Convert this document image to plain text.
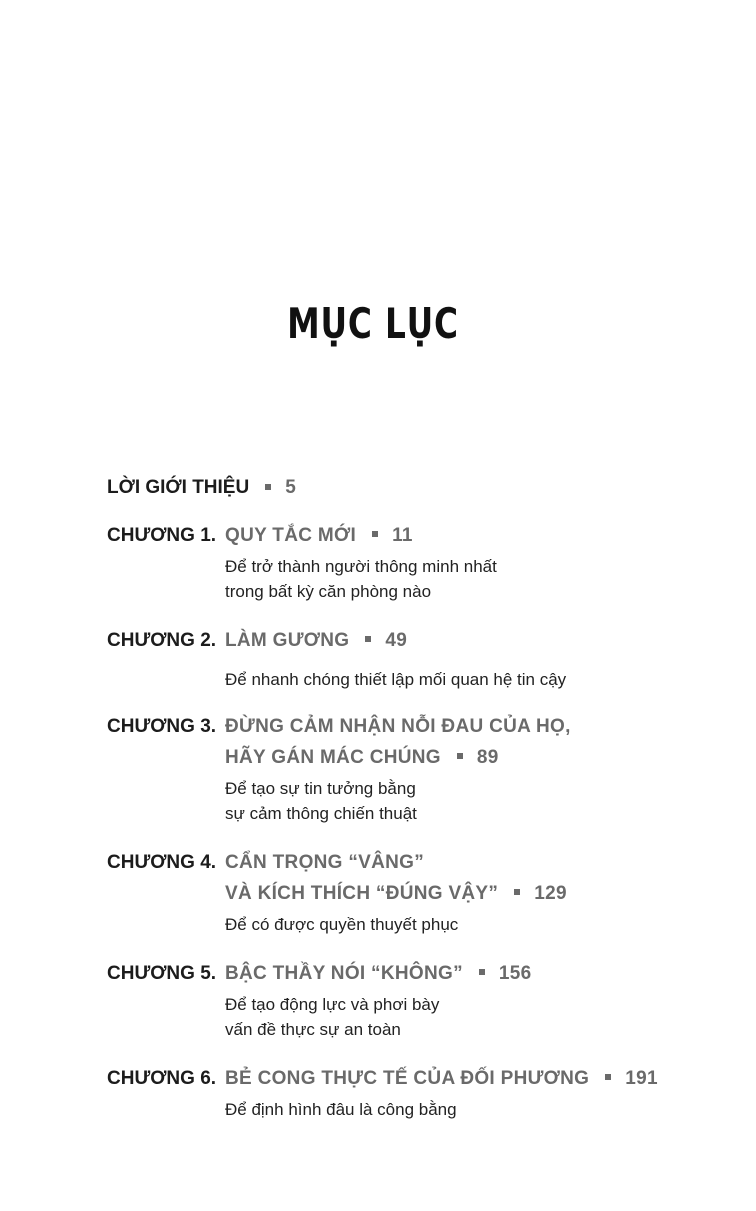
MỤC LỤC
LỜI GIỚI THIỆU 5
CHƯƠNG 1. QUY TẮC MỚI 11
Để trở thành người thông minh nhất
trong bất kỳ căn phòng nào
CHƯƠNG 2. LÀM GƯƠNG 49
Để nhanh chóng thiết lập mối quan hệ tin cậy
CHƯƠNG 3. ĐỪNG CẢM NHẬN NỖI ĐAU CỦA HỌ,
HÃY GÁN MÁC CHÚNG 89
Để tạo sự tin tưởng bằng
sự cảm thông chiến thuật
CHƯƠNG 4. CẨN TRỌNG “VÂNG”
VÀ KÍCH THÍCH “ĐÚNG VẬY” 129
Để có được quyền thuyết phục
CHƯƠNG 5. BẬC THẦY NÓI “KHÔNG” 156
Để tạo động lực và phơi bày
vấn đề thực sự an toàn
CHƯƠNG 6. BẺ CONG THỰC TẾ CỦA ĐỐI PHƯƠNG 191
Để định hình đâu là công bằng
